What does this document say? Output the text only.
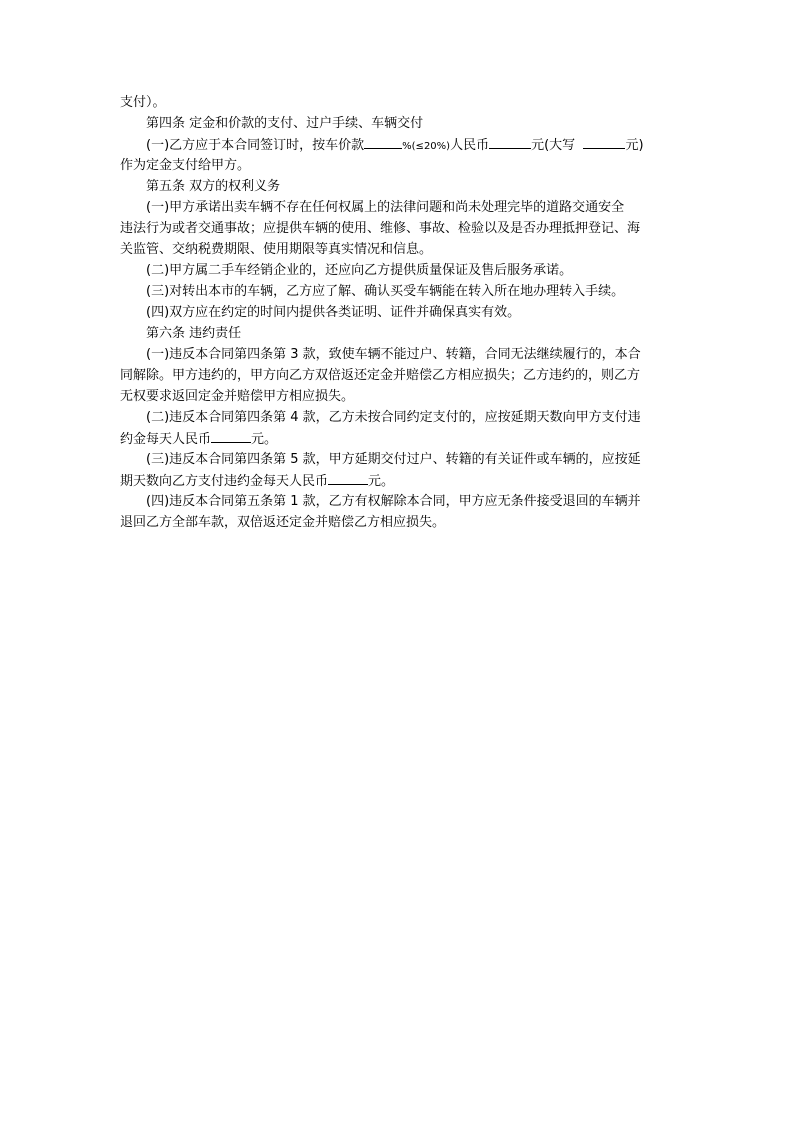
支付）。
第四条 定金和价款的支付、过户手续、车辆交付
(一)乙方应于本合同签订时，按车价款	%(≤20%)人民币	元(大写	元)
作为定金支付给甲方。
第五条 双方的权利义务
(一)甲方承诺出卖车辆不存在任何权属上的法律问题和尚未处理完毕的道路交通安全
违法行为或者交通事故；应提供车辆的使用、维修、事故、检验以及是否办理抵押登记、海
关监管、交纳税费期限、使用期限等真实情况和信息。
(二)甲方属二手车经销企业的，还应向乙方提供质量保证及售后服务承诺。
(三)对转出本市的车辆，乙方应了解、确认买受车辆能在转入所在地办理转入手续。
(四)双方应在约定的时间内提供各类证明、证件并确保真实有效。
第六条 违约责任
(一)违反本合同第四条第 3 款，致使车辆不能过户、转籍，合同无法继续履行的，本合
同解除。甲方违约的，甲方向乙方双倍返还定金并赔偿乙方相应损失；乙方违约的，则乙方
无权要求返回定金并赔偿甲方相应损失。
(二)违反本合同第四条第 4 款，乙方未按合同约定支付的，应按延期天数向甲方支付违
约金每天人民币	元。
(三)违反本合同第四条第 5 款，甲方延期交付过户、转籍的有关证件或车辆的，应按延
期天数向乙方支付违约金每天人民币	元。
(四)违反本合同第五条第 1 款，乙方有权解除本合同，甲方应无条件接受退回的车辆并
退回乙方全部车款，双倍返还定金并赔偿乙方相应损失。
